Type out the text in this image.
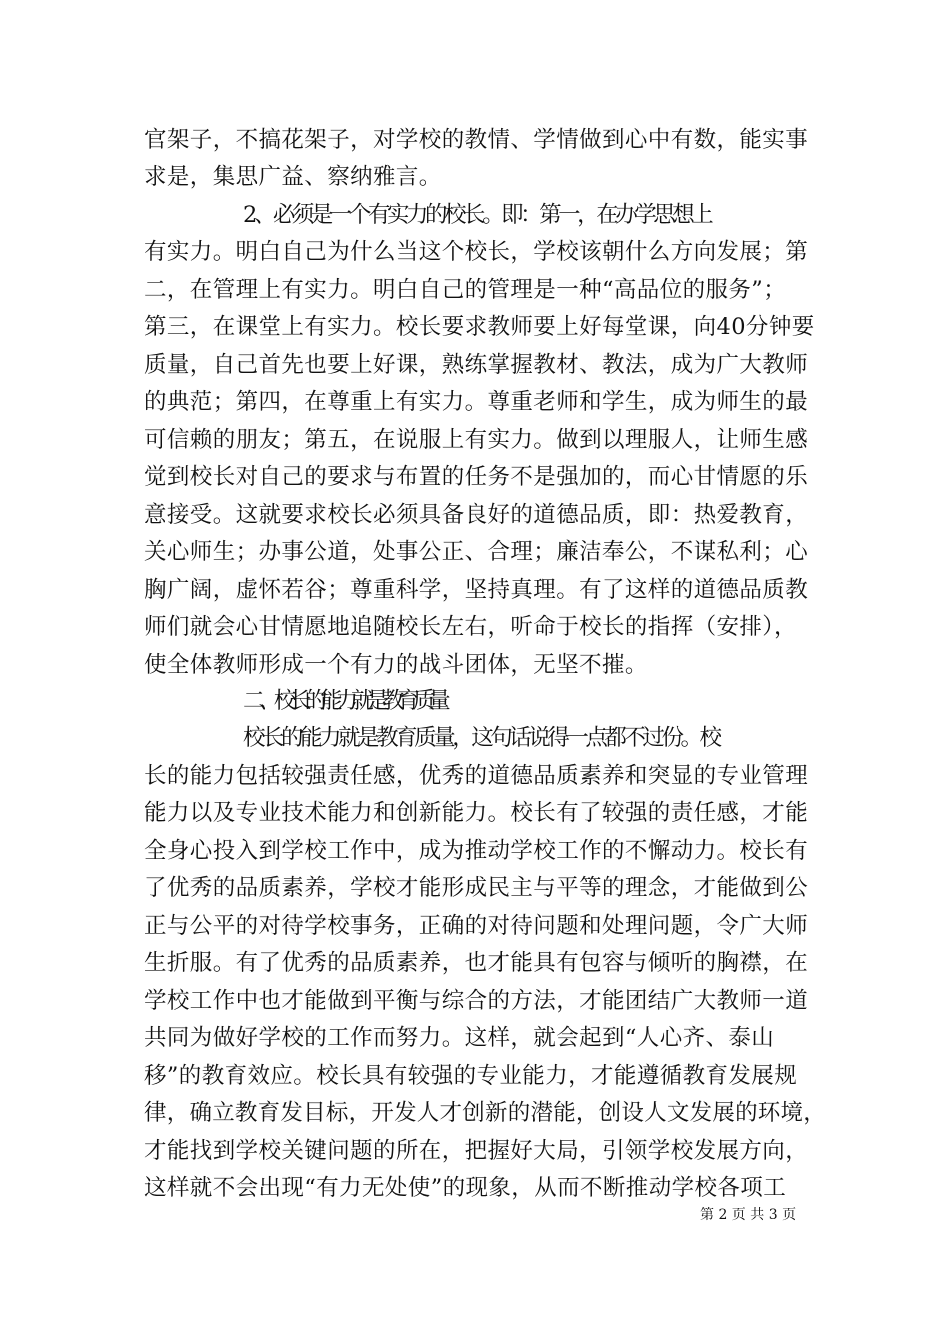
官架子，不搞花架子，对学校的教情、学情做到心中有数，能实事
求是，集思广益、察纳雅言。
2、必须是一个有实力的校长。即：第一，在办学思想上
有实力。明白自己为什么当这个校长，学校该朝什么方向发展；第
二，在管理上有实力。明白自己的管理是一种“高品位的服务”；
第三，在课堂上有实力。校长要求教师要上好每堂课，向40分钟要
质量，自己首先也要上好课，熟练掌握教材、教法，成为广大教师
的典范；第四，在尊重上有实力。尊重老师和学生，成为师生的最
可信赖的朋友；第五，在说服上有实力。做到以理服人，让师生感
觉到校长对自己的要求与布置的任务不是强加的，而心甘情愿的乐
意接受。这就要求校长必须具备良好的道德品质，即：热爱教育，
关心师生；办事公道，处事公正、合理；廉洁奉公，不谋私利；心
胸广阔，虚怀若谷；尊重科学，坚持真理。有了这样的道德品质教
师们就会心甘情愿地追随校长左右，听命于校长的指挥（安排），
使全体教师形成一个有力的战斗团体，无坚不摧。
二、校长的能力就是教育质量
校长的能力就是教育质量，这句话说得一点都不过份。校
长的能力包括较强责任感，优秀的道德品质素养和突显的专业管理
能力以及专业技术能力和创新能力。校长有了较强的责任感，才能
全身心投入到学校工作中，成为推动学校工作的不懈动力。校长有
了优秀的品质素养，学校才能形成民主与平等的理念，才能做到公
正与公平的对待学校事务，正确的对待问题和处理问题，令广大师
生折服。有了优秀的品质素养，也才能具有包容与倾听的胸襟，在
学校工作中也才能做到平衡与综合的方法，才能团结广大教师一道
共同为做好学校的工作而努力。这样，就会起到“人心齐、泰山
移”的教育效应。校长具有较强的专业能力，才能遵循教育发展规
律，确立教育发目标，开发人才创新的潜能，创设人文发展的环境，
才能找到学校关键问题的所在，把握好大局，引领学校发展方向，
这样就不会出现“有力无处使”的现象，从而不断推动学校各项工
第 2 页 共 3 页
